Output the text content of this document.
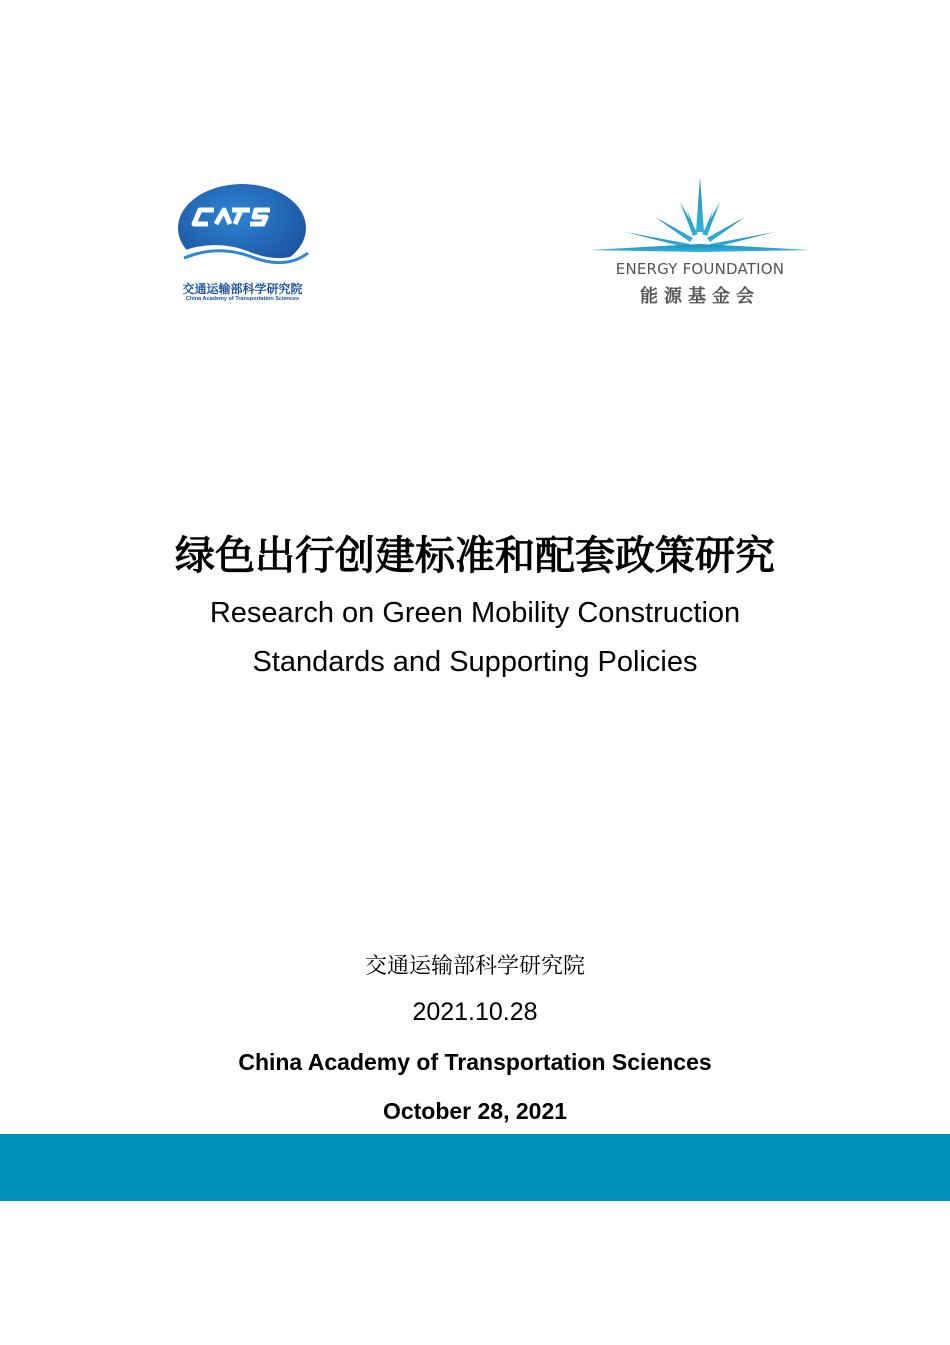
交通运输部科学研究院
China Academy of Transportation Sciences
ENERGY FOUNDATION
能源基金会
绿色出行创建标准和配套政策研究
Research on Green Mobility Construction
Standards and Supporting Policies
交通运输部科学研究院
2021.10.28
China Academy of Transportation Sciences
October 28, 2021
